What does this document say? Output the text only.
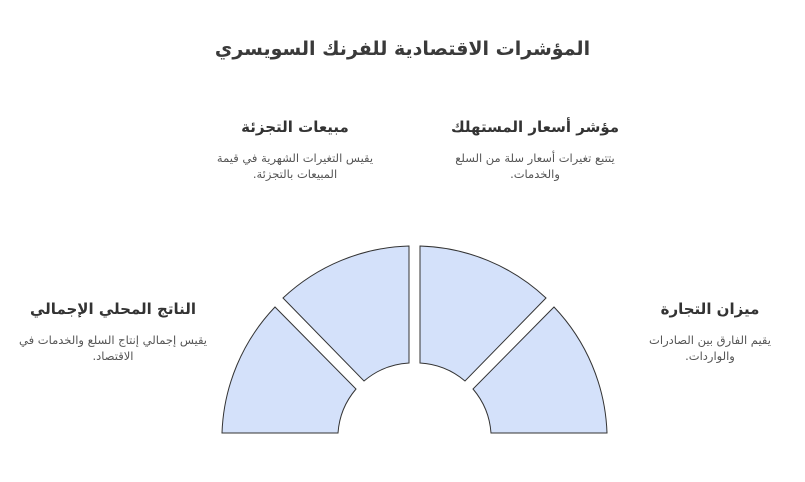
المؤشرات الاقتصادية للفرنك السويسري
مبيعات التجزئة
يقيس التغيرات الشهرية في قيمة المبيعات بالتجزئة.
مؤشر أسعار المستهلك
يتتبع تغيرات أسعار سلة من السلع والخدمات.
الناتج المحلي الإجمالي
يقيس إجمالي إنتاج السلع والخدمات في الاقتصاد.
ميزان التجارة
يقيم الفارق بين الصادرات والواردات.
